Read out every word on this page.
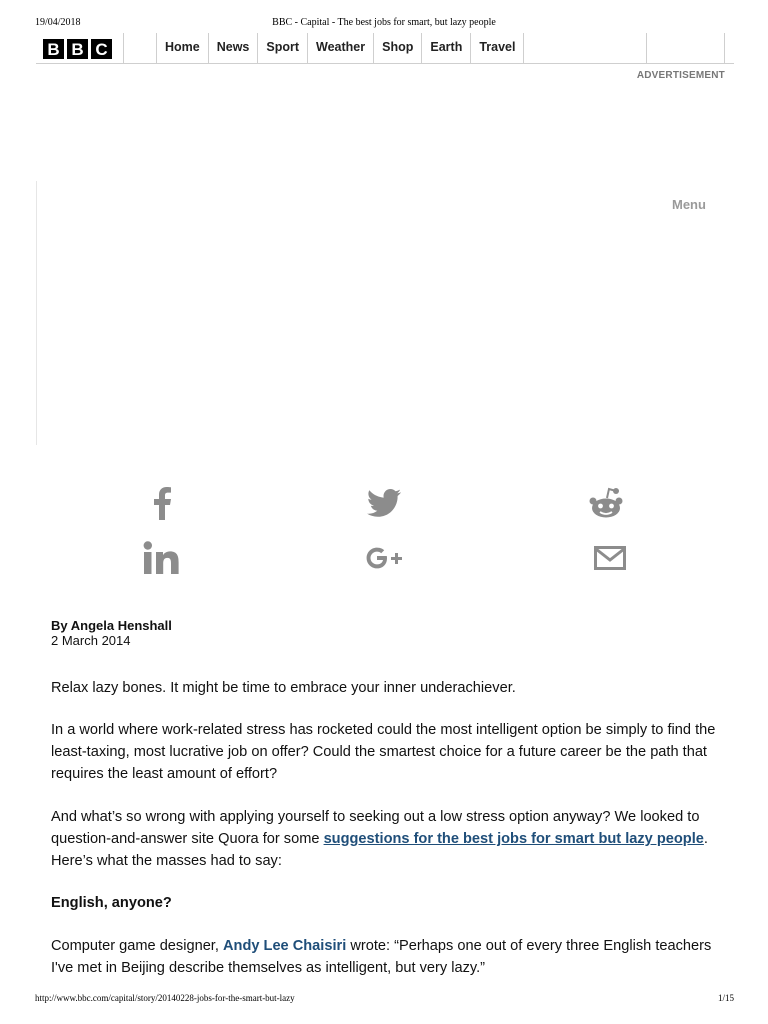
19/04/2018	BBC - Capital - The best jobs for smart, but lazy people
B B C	Home	News	Sport	Weather	Shop	Earth	Travel
ADVERTISEMENT
Menu
By Angela Henshall
2 March 2014

Relax lazy bones. It might be time to embrace your inner underachiever.

In a world where work-related stress has rocketed could the most intelligent option be simply to find the least-taxing, most lucrative job on offer? Could the smartest choice for a future career be the path that requires the least amount of effort?

And what’s so wrong with applying yourself to seeking out a low stress option anyway? We looked to question-and-answer site Quora for some suggestions for the best jobs for smart but lazy people. Here’s what the masses had to say:

English, anyone?

Computer game designer, Andy Lee Chaisiri wrote: “Perhaps one out of every three English teachers I've met in Beijing describe themselves as intelligent, but very lazy.”

http://www.bbc.com/capital/story/20140228-jobs-for-the-smart-but-lazy	1/15
